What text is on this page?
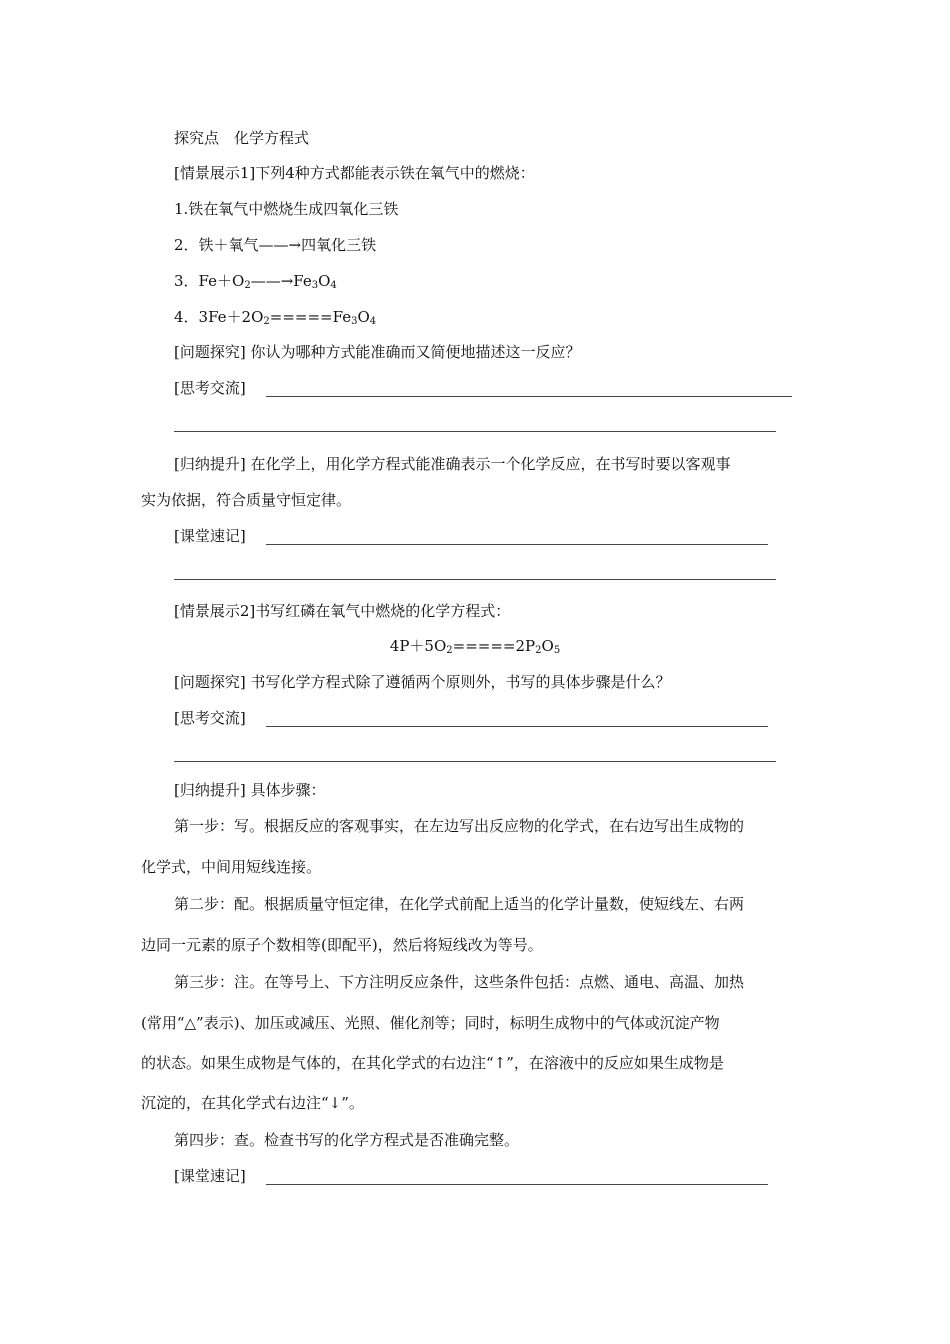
探究点　化学方程式
[情景展示1]下列4种方式都能表示铁在氧气中的燃烧：
1.铁在氧气中燃烧生成四氧化三铁
2．铁＋氧气——→四氧化三铁
3．$Fe+O_2——\to Fe_3O_4$
4．$3Fe+2O_2=====Fe_3O_4$
[问题探究] 你认为哪种方式能准确而又简便地描述这一反应？
[思考交流]
[归纳提升] 在化学上，用化学方程式能准确表示一个化学反应，在书写时要以客观事
实为依据，符合质量守恒定律。
[课堂速记]
[情景展示2]书写红磷在氧气中燃烧的化学方程式：
$4P+5O_2=====2P_2O_5$
[问题探究] 书写化学方程式除了遵循两个原则外，书写的具体步骤是什么？
[思考交流]
[归纳提升] 具体步骤：
第一步：写。根据反应的客观事实，在左边写出反应物的化学式，在右边写出生成物的
化学式，中间用短线连接。
第二步：配。根据质量守恒定律，在化学式前配上适当的化学计量数，使短线左、右两
边同一元素的原子个数相等(即配平)，然后将短线改为等号。
第三步：注。在等号上、下方注明反应条件，这些条件包括：点燃、通电、高温、加热
(常用“△”表示)、加压或减压、光照、催化剂等；同时，标明生成物中的气体或沉淀产物
的状态。如果生成物是气体的，在其化学式的右边注“↑”，在溶液中的反应如果生成物是
沉淀的，在其化学式右边注“↓”。
第四步：查。检查书写的化学方程式是否准确完整。
[课堂速记]
